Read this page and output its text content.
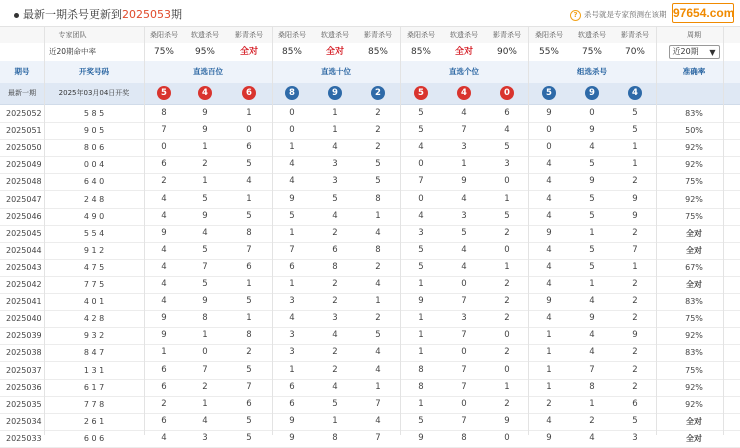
最新一期杀号更新到2025053期	? 杀号就是专家预测在该期 97654.com
专家团队	桑阳杀号	软遗杀号	影青杀号	桑阳杀号	软遗杀号	影青杀号	桑阳杀号	软遗杀号	影青杀号	桑阳杀号	软遗杀号	影青杀号	周期
近20期命中率	75%	95%	全对	85%	全对	85%	85%	全对	90%	55%	75%	70%	近20期 ▼
期号	开奖号码	直选百位	直选十位	直选个位	组选杀号	准确率
最新一期	2025年03月04日开奖	5	4	6	8	9	2	5	4	0	5	9	4
2025052	5 8 5	8	9	1	0	1	2	5	4	6	9	0	5	83%
2025051	9 0 5	7	9	0	0	1	2	5	7	4	0	9	5	50%
2025050	8 0 6	0	1	6	1	4	2	4	3	5	0	4	1	92%
2025049	0 0 4	6	2	5	4	3	5	0	1	3	4	5	1	92%
2025048	6 4 0	2	1	4	4	3	5	7	9	0	4	9	2	75%
2025047	2 4 8	4	5	1	9	5	8	0	4	1	4	5	9	92%
2025046	4 9 0	4	9	5	5	4	1	4	3	5	4	5	9	75%
2025045	5 5 4	9	4	8	1	2	4	3	5	2	9	1	2	全对
2025044	9 1 2	4	5	7	7	6	8	5	4	0	4	5	7	全对
2025043	4 7 5	4	7	6	6	8	2	5	4	1	4	5	1	67%
2025042	7 7 5	4	5	1	1	2	4	1	0	2	4	1	2	全对
2025041	4 0 1	4	9	5	3	2	1	9	7	2	9	4	2	83%
2025040	4 2 8	9	8	1	4	3	2	1	3	2	4	9	2	75%
2025039	9 3 2	9	1	8	3	4	5	1	7	0	1	4	9	92%
2025038	8 4 7	1	0	2	3	2	4	1	0	2	1	4	2	83%
2025037	1 3 1	6	7	5	1	2	4	8	7	0	1	7	2	75%
2025036	6 1 7	6	2	7	6	4	1	8	7	1	1	8	2	92%
2025035	7 7 8	2	1	6	6	5	7	1	0	2	2	1	6	92%
2025034	2 6 1	6	4	5	9	1	4	5	7	9	4	2	5	全对
2025033	6 0 6	4	3	5	9	8	7	9	8	0	9	4	3	全对
